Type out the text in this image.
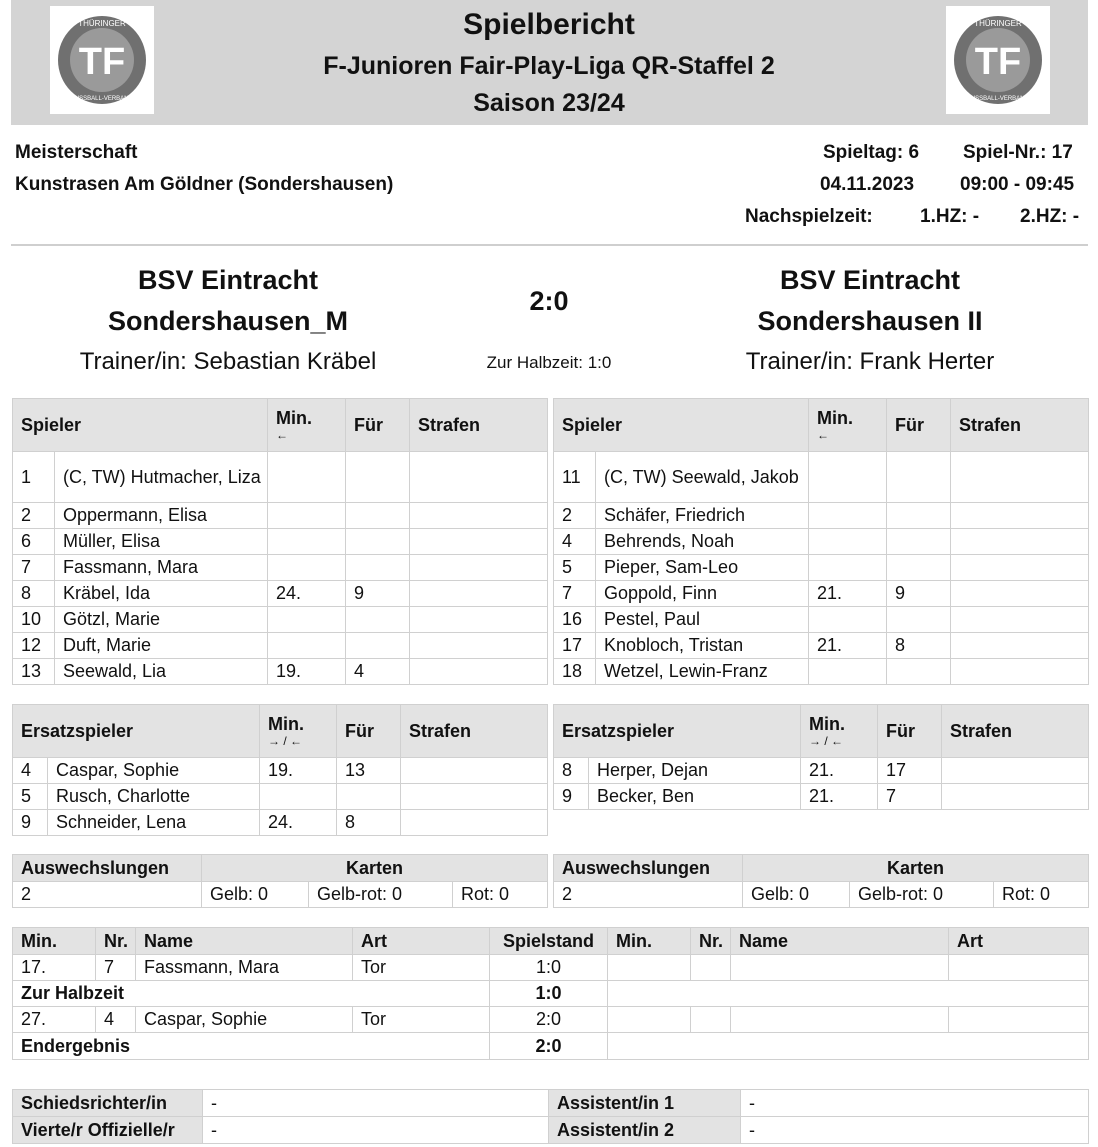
TF
THÜRINGER
FUSSBALL-VERBAND
TF
THÜRINGER
FUSSBALL-VERBAND
Spielbericht
F-Junioren Fair-Play-Liga QR-Staffel 2
Saison 23/24
Meisterschaft
Kunstrasen Am Göldner (Sondershausen)
Spieltag: 6 Spiel-Nr.: 17
04.11.2023 09:00 - 09:45
Nachspielzeit: 1.HZ: - 2.HZ: -
BSV Eintracht
Sondershausen_M
BSV Eintracht
Sondershausen II
2:0
Zur Halbzeit: 1:0
Trainer/in: Sebastian Kräbel	Trainer/in: Frank Herter
Spieler		Min.
←	Für	Strafen
1	(C, TW) Hutmacher, Liza			
2	Oppermann, Elisa			
6	Müller, Elisa			
7	Fassmann, Mara			
8	Kräbel, Ida	24.	9	
10	Götzl, Marie			
12	Duft, Marie			
13	Seewald, Lia	19.	4	
Spieler		Min.
←	Für	Strafen
11	(C, TW) Seewald, Jakob			
2	Schäfer, Friedrich			
4	Behrends, Noah			
5	Pieper, Sam-Leo			
7	Goppold, Finn	21.	9	
16	Pestel, Paul			
17	Knobloch, Tristan	21.	8	
18	Wetzel, Lewin-Franz			
Ersatzspieler		Min.
→ / ←	Für	Strafen
4	Caspar, Sophie	19.	13	
5	Rusch, Charlotte			
9	Schneider, Lena	24.	8	
Ersatzspieler		Min.
→ / ←	Für	Strafen
8	Herper, Dejan	21.	17	
9	Becker, Ben	21.	7	
Auswechslungen	Karten		
2	Gelb: 0	Gelb-rot: 0	Rot: 0
Auswechslungen	Karten		
2	Gelb: 0	Gelb-rot: 0	Rot: 0
Min.	Nr.	Name	Art	Spielstand	Min.	Nr.	Name	Art
17.	7	Fassmann, Mara	Tor	1:0				
Zur Halbzeit				1:0				
27.	4	Caspar, Sophie	Tor	2:0				
Endergebnis				2:0				
Schiedsrichter/in	-	Assistent/in 1	-
Vierte/r Offizielle/r	-	Assistent/in 2	-
